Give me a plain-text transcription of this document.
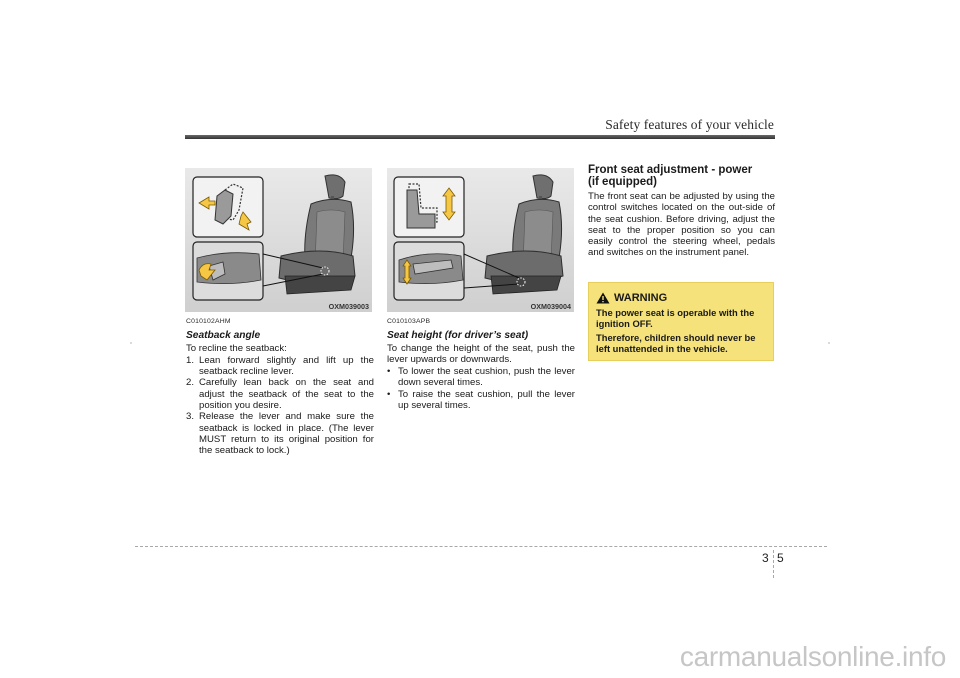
Safety features of your vehicle
OXM039003	OXM039004
C010102AHM
Seatback angle

To recline the seatback:

1. Lean forward slightly and lift up the seatback recline lever.
2. Carefully lean back on the seat and adjust the seatback of the seat to the position you desire.
3. Release the lever and make sure the seatback is locked in place. (The lever MUST return to its original position for the seatback to lock.)
C010103APB
Seat height (for driver’s seat)

To change the height of the seat, push the lever upwards or downwards.

• To lower the seat cushion, push the lever down several times.
• To raise the seat cushion, pull the lever up several times.
Front seat adjustment - power
(if equipped)

The front seat can be adjusted by using the control switches located on the out-side of the seat cushion. Before driving, adjust the seat to the proper position so you can easily control the steering wheel, pedals and switches on the instrument panel.

WARNING

The power seat is operable with the ignition OFF.

Therefore, children should never be left unattended in the vehicle.

3 5
carmanualsonline.info
